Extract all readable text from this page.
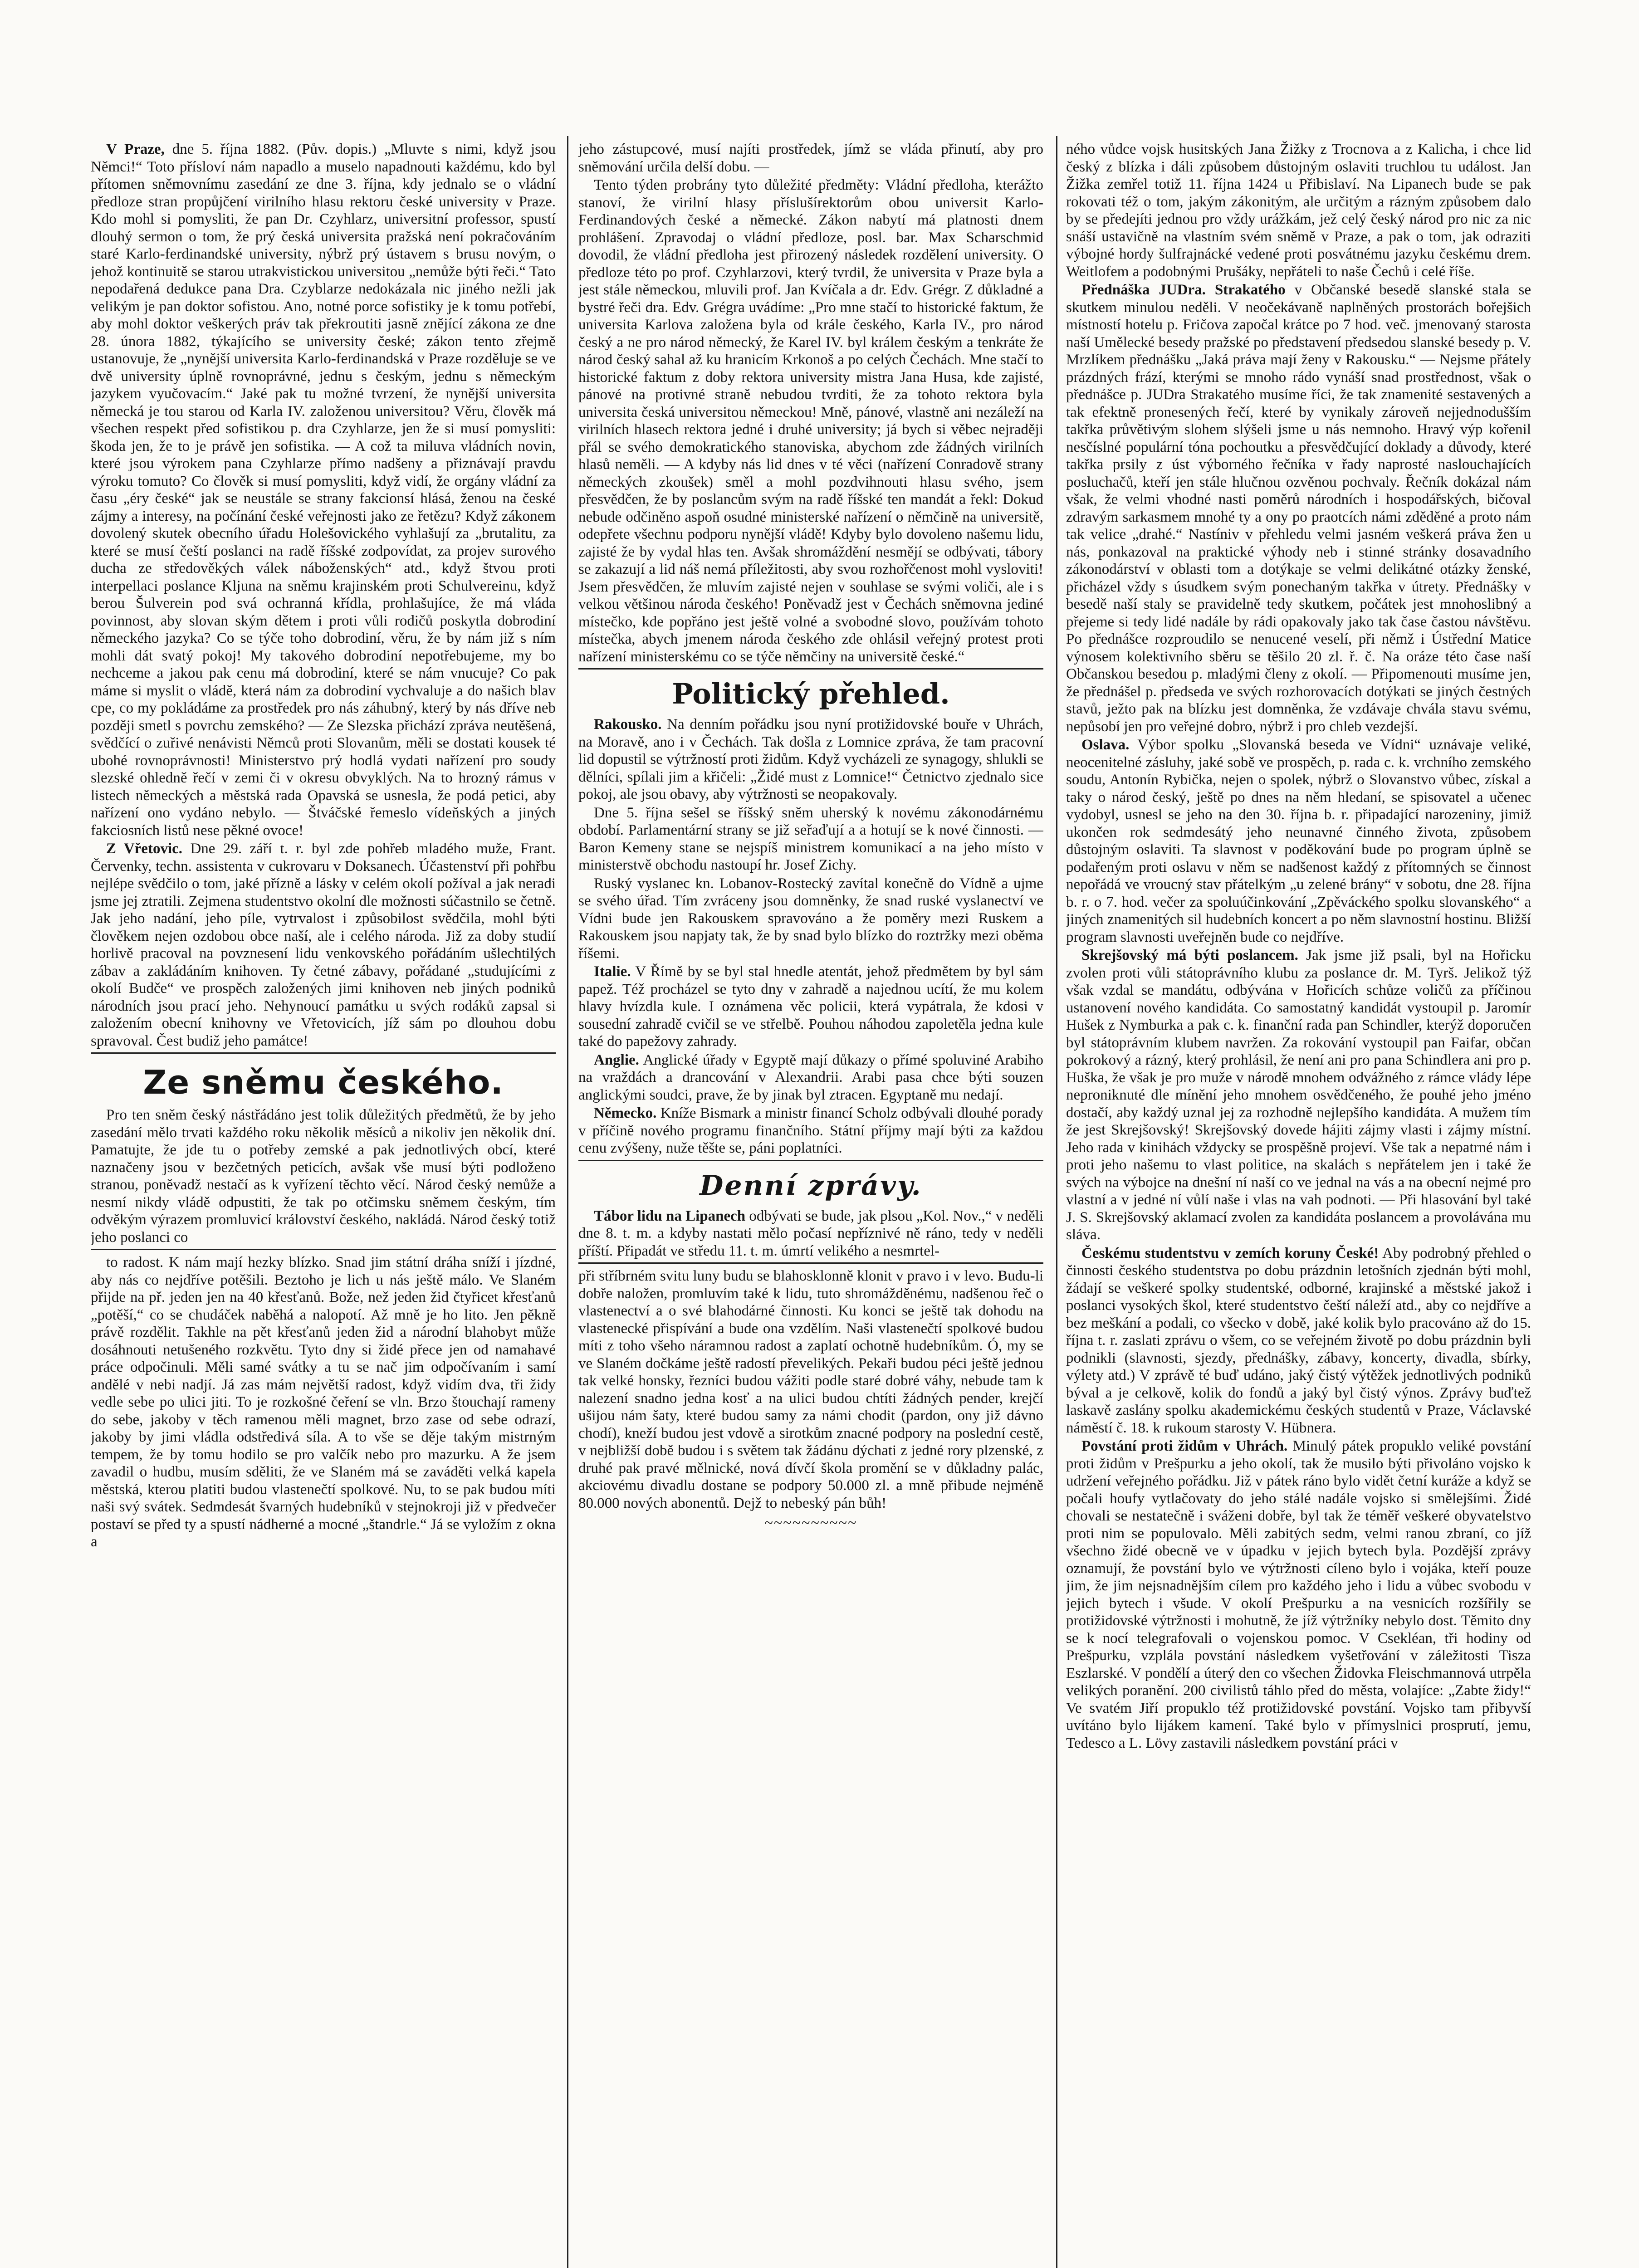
V Praze, dne 5. října 1882. (Pův. dopis.) „Mluvte s nimi, když jsou Němci!“ Toto přísloví nám napadlo a muselo napadnouti každému, kdo byl přítomen sněmovnímu zasedání ze dne 3. října, kdy jednalo se o vládní předloze stran propůjčení virilního hlasu rektoru české university v Praze. Kdo mohl si pomysliti, že pan Dr. Czyhlarz, universitní professor, spustí dlouhý sermon o tom, že prý česká universita pražská není pokračováním staré Karlo-ferdinandské university, nýbrž prý ústavem s brusu novým, o jehož kontinuitě se starou utrakvistickou universitou „nemůže býti řeči.“ Tato nepodařená dedukce pana Dra. Czyblarze nedokázala nic jiného nežli jak velikým je pan doktor sofistou. Ano, notné porce sofistiky je k tomu potřebí, aby mohl doktor veškerých práv tak překroutiti jasně znějící zákona ze dne 28. února 1882, týkajícího se university české; zákon tento zřejmě ustanovuje, že „nynější universita Karlo-ferdinandská v Praze rozděluje se ve dvě university úplně rovnoprávné, jednu s českým, jednu s německým jazykem vyučovacím.“ Jaké pak tu možné tvrzení, že nynější universita německá je tou starou od Karla IV. založenou universitou? Věru, člověk má všechen respekt před sofistikou p. dra Czyhlarze, jen že si musí pomysliti: škoda jen, že to je právě jen sofistika. — A což ta miluva vládních novin, které jsou výrokem pana Czyhlarze přímo nadšeny a přiznávají pravdu výroku tomuto? Co člověk si musí pomysliti, když vidí, že orgány vládní za času „éry české“ jak se neustále se strany fakcionsí hlásá, ženou na české zájmy a interesy, na počínání české veřejnosti jako ze řetězu? Když zákonem dovolený skutek obecního úřadu Holešovického vyhlašují za „brutalitu, za které se musí čeští poslanci na radě říšské zodpovídat, za projev surového ducha ze středověkých válek náboženských“ atd., když štvou proti interpellaci poslance Kljuna na sněmu krajinském proti Schulvereinu, když berou Šulverein pod svá ochranná křídla, prohlašujíce, že má vláda povinnost, aby slovan ským dětem i proti vůli rodičů poskytla dobrodiní německého jazyka? Co se týče toho dobrodiní, věru, že by nám již s ním mohli dát svatý pokoj! My takového dobrodiní nepotřebujeme, my bo nechceme a jakou pak cenu má dobrodiní, které se nám vnucuje? Co pak máme si myslit o vládě, která nám za dobrodiní vychvaluje a do našich blav cpe, co my pokládáme za prostředek pro nás záhubný, který by nás dříve neb později smetl s povrchu zemského? — Ze Slezska přichází zpráva neutěšená, svědčící o zuřivé nenávisti Němců proti Slovanům, měli se dostati kousek té ubohé rovnoprávnosti! Ministerstvo prý hodlá vydati nařízení pro soudy slezské ohledně řečí v zemi či v okresu obvyklých. Na to hrozný rámus v listech německých a městská rada Opavská se usnesla, že podá petici, aby nařízení ono vydáno nebylo. — Štváčské řemeslo vídeňských a jiných fakciosních listů nese pěkné ovoce!

Z Vřetovic. Dne 29. září t. r. byl zde pohřeb mladého muže, Frant. Červenky, techn. assistenta v cukrovaru v Doksanech. Účastenství při pohřbu nejlépe svědčilo o tom, jaké přízně a lásky v celém okolí požíval a jak neradi jsme jej ztratili. Zejmena studentstvo okolní dle možnosti súčastnilo se četně. Jak jeho nadání, jeho píle, vytrvalost i způsobilost svědčila, mohl býti člověkem nejen ozdobou obce naší, ale i celého národa. Již za doby studií horlivě pracoval na povznesení lidu venkovského pořádáním ušlechtilých zábav a zakládáním knihoven. Ty četné zábavy, pořádané „studujícími z okolí Budče“ ve prospěch založených jimi knihoven neb jiných podniků národních jsou prací jeho. Nehynoucí památku u svých rodáků zapsal si založením obecní knihovny ve Vřetovicích, jíž sám po dlouhou dobu spravoval. Čest budiž jeho památce!

Ze sněmu českého.

Pro ten sněm český nástřádáno jest tolik důležitých předmětů, že by jeho zasedání mělo trvati každého roku několik měsíců a nikoliv jen několik dní. Pamatujte, že jde tu o potřeby zemské a pak jednotlivých obcí, které naznačeny jsou v bezčetných peticích, avšak vše musí býti podloženo stranou, poněvadž nestačí as k vyřízení těchto věcí. Národ český nemůže a nesmí nikdy vládě odpustiti, že tak po otčimsku sněmem českým, tím odvěkým výrazem promluvicí království českého, nakládá. Národ český totiž jeho poslanci co

to radost. K nám mají hezky blízko. Snad jim státní dráha sníží i jízdné, aby nás co nejdříve potěšili. Beztoho je lich u nás ještě málo. Ve Slaném přijde na př. jeden jen na 40 křesťanů. Bože, než jeden žid čtyřicet křesťanů „potěší,“ co se chudáček naběhá a nalopotí. Až mně je ho lito. Jen pěkně právě rozdělit. Takhle na pět křesťanů jeden žid a národní blahobyt může dosáhnouti netušeného rozkvětu. Tyto dny si židé přece jen od namahavé práce odpočinuli. Měli samé svátky a tu se nač jim odpočívaním i samí andělé v nebi nadjí. Já zas mám největší radost, když vidím dva, tři židy vedle sebe po ulici jiti. To je rozkošné čeření se vln. Brzo štouchají rameny do sebe, jakoby v těch ramenou měli magnet, brzo zase od sebe odrazí, jakoby by jimi vládla odstředivá síla. A to vše se děje takým mistrným tempem, že by tomu hodilo se pro valčík nebo pro mazurku. A že jsem zavadil o hudbu, musím sděliti, že ve Slaném má se zaváděti velká kapela městská, kterou platiti budou vlastenečtí spolkové. Nu, to se pak budou míti naši svý svátek. Sedmdesát švarných hudebníků v stejnokroji již v předvečer postaví se před ty a spustí nádherné a mocné „štandrle.“ Já se vyložím z okna a

jeho zástupcové, musí najíti prostředek, jímž se vláda přinutí, aby pro sněmování určila delší dobu. —

Tento týden probrány tyto důležité předměty: Vládní předloha, kterážto stanoví, že virilní hlasy příslušírektorům obou universit Karlo-Ferdinandových české a německé. Zákon nabytí má platnosti dnem prohlášení. Zpravodaj o vládní předloze, posl. bar. Max Scharschmid dovodil, že vládní předloha jest přirozený následek rozdělení university. O předloze této po prof. Czyhlarzovi, který tvrdil, že universita v Praze byla a jest stále německou, mluvili prof. Jan Kvíčala a dr. Edv. Grégr. Z důkladné a bystré řeči dra. Edv. Grégra uvádíme: „Pro mne stačí to historické faktum, že universita Karlova založena byla od krále českého, Karla IV., pro národ český a ne pro národ německý, že Karel IV. byl králem českým a tenkráte že národ český sahal až ku hranicím Krkonoš a po celých Čechách. Mne stačí to historické faktum z doby rektora university mistra Jana Husa, kde zajisté, pánové na protivné straně nebudou tvrditi, že za tohoto rektora byla universita česká universitou německou! Mně, pánové, vlastně ani nezáleží na virilních hlasech rektora jedné i druhé university; já bych si věbec nejraději přál se svého demokratického stanoviska, abychom zde žádných virilních hlasů neměli. — A kdyby nás lid dnes v té věci (nařízení Conradově strany německých zkoušek) směl a mohl pozdvihnouti hlasu svého, jsem přesvědčen, že by poslancům svým na radě říšské ten mandát a řekl: Dokud nebude odčiněno aspoň osudné ministerské nařízení o němčině na universitě, odepřete všechnu podporu nynější vládě! Kdyby bylo dovoleno našemu lidu, zajisté že by vydal hlas ten. Avšak shromáždění nesmějí se odbývati, tábory se zakazují a lid náš nemá příležitosti, aby svou rozhořčenost mohl vysloviti! Jsem přesvědčen, že mluvím zajisté nejen v souhlase se svými voliči, ale i s velkou většinou národa českého! Poněvadž jest v Čechách sněmovna jediné místečko, kde popřáno jest ještě volné a svobodné slovo, používám tohoto místečka, abych jmenem národa českého zde ohlásil veřejný protest proti nařízení ministerskému co se týče němčiny na universitě české.“

Politický přehled.

Rakousko. Na denním pořádku jsou nyní protižidovské bouře v Uhrách, na Moravě, ano i v Čechách. Tak došla z Lomnice zpráva, že tam pracovní lid dopustil se výtržností proti židům. Když vycházeli ze synagogy, shlukli se dělníci, spílali jim a křičeli: „Židé must z Lomnice!“ Četnictvo zjednalo sice pokoj, ale jsou obavy, aby výtržnosti se neopakovaly.

Dne 5. října sešel se říšský sněm uherský k novému zákonodárnému období. Parlamentární strany se již seřaďují a a hotují se k nové činnosti. — Baron Kemeny stane se nejspíš ministrem komunikací a na jeho místo v ministerstvě obchodu nastoupí hr. Josef Zichy.

Ruský vyslanec kn. Lobanov-Rostecký zavítal konečně do Vídně a ujme se svého úřad. Tím zvráceny jsou domněnky, že snad ruské vyslanectví ve Vídni bude jen Rakouskem spravováno a že poměry mezi Ruskem a Rakouskem jsou napjaty tak, že by snad bylo blízko do roztržky mezi oběma říšemi.

Italie. V Římě by se byl stal hnedle atentát, jehož předmětem by byl sám papež. Též procházel se tyto dny v zahradě a najednou ucítí, že mu kolem hlavy hvízdla kule. I oznámena věc policii, která vypátrala, že kdosi v sousední zahradě cvičil se ve střelbě. Pouhou náhodou zapoletěla jedna kule také do papežovy zahrady.

Anglie. Anglické úřady v Egyptě mají důkazy o přímé spoluviné Arabiho na vraždách a drancování v Alexandrii. Arabi pasa chce býti souzen anglickými soudci, prave, že by jinak byl ztracen. Egyptaně mu nedají.

Německo. Kníže Bismark a ministr financí Scholz odbývali dlouhé porady v příčině nového programu finančního. Státní příjmy mají býti za každou cenu zvýšeny, nuže těšte se, páni poplatníci.

Denní zprávy.

Tábor lidu na Lipanech odbývati se bude, jak plsou „Kol. Nov.,“ v neděli dne 8. t. m. a kdyby nastati mělo počasí nepříznivé ně ráno, tedy v neděli příští. Připadát ve středu 11. t. m. úmrtí velikého a nesmrtel-

při stříbrném svitu luny budu se blahosklonně klonit v pravo i v levo. Budu-li dobře naložen, promluvím také k lidu, tuto shromážděnému, nadšenou řeč o vlastenectví a o své blahodárné činnosti. Ku konci se ještě tak dohodu na vlastenecké přispívání a bude ona vzdělím. Naši vlastenečtí spolkové budou míti z toho všeho náramnou radost a zaplatí ochotně hudebníkům. Ó, my se ve Slaném dočkáme ještě radostí převelikých. Pekaři budou péci ještě jednou tak velké honsky, řezníci budou vážiti podle staré dobré váhy, nebude tam k nalezení snadno jedna kosť a na ulici budou chtíti žádných pender, krejčí ušijou nám šaty, které budou samy za námi chodit (pardon, ony již dávno chodí), kneží budou jest vdově a sirotkům znacné podpory na poslední cestě, v nejbližší době budou i s světem tak žádánu dýchati z jedné rory plzenské, z druhé pak pravé mělnické, nová dívčí škola promění se v důkladny palác, akciovému divadlu dostane se podpory 50.000 zl. a mně přibude nejméně 80.000 nových abonentů. Dejž to nebeský pán bůh!

~~~~~~~~~~

ného vůdce vojsk husitských Jana Žižky z Trocnova a z Kalicha, i chce lid český z blízka i dáli způsobem důstojným oslaviti truchlou tu událost. Jan Žižka zemřel totiž 11. října 1424 u Přibislaví. Na Lipanech bude se pak rokovati též o tom, jakým zákonitým, ale určitým a rázným způsobem dalo by se předejíti jednou pro vždy urážkám, jež celý český národ pro nic za nic snáší ustavičně na vlastním svém sněmě v Praze, a pak o tom, jak odraziti výbojné hordy šulfrajnácké vedené proti posvátnému jazyku českému drem. Weitlofem a podobnými Prušáky, nepřáteli to naše Čechů i celé říše.

Přednáška JUDra. Strakatého v Občanské besedě slanské stala se skutkem minulou neděli. V neočekávaně naplněných prostorách bořejšich místností hotelu p. Fričova započal krátce po 7 hod. več. jmenovaný starosta naší Umělecké besedy pražské po představení předsedou slanské besedy p. V. Mrzlíkem přednášku „Jaká práva mají ženy v Rakousku.“ — Nejsme přátely prázdných frází, kterými se mnoho rádo vynáší snad prostřednost, však o přednášce p. JUDra Strakatého musíme říci, že tak znamenité sestavených a tak efektně pronesených řečí, které by vynikaly zároveň nejjednodušším takřka průvětivým slohem slýšeli jsme u nás nemnoho. Hravý výp kořenil nesčíslné populární tóna pochoutku a přesvědčující doklady a důvody, které takřka prsily z úst výborného řečníka v řady naprosté naslouchajících posluchačů, kteří jen stále hlučnou ozvěnou pochvaly. Řečník dokázal nám však, že velmi vhodné nasti poměrů národních i hospodářských, bičoval zdravým sarkasmem mnohé ty a ony po praotcích námi zděděné a proto nám tak velice „drahé.“ Nastíniv v přehledu velmi jasném veškerá práva žen u nás, ponkazoval na praktické výhody neb i stinné stránky dosavadního zákonodárství v oblasti tom a dotýkaje se velmi delikátné otázky ženské, přicházel vždy s úsudkem svým ponechaným takřka v útrety. Přednášky v besedě naší staly se pravidelně tedy skutkem, počátek jest mnohoslibný a přejeme si tedy lidé nadále by rádi opakovaly jako tak čase častou návštěvu. Po přednášce rozproudilo se nenucené veselí, při němž i Ústřední Matice výnosem kolektivního sběru se těšilo 20 zl. ř. č. Na oráze této čase naší Občanskou besedou p. mladými členy z okolí. — Připomenouti musíme jen, že přednášel p. předseda ve svých rozhorovacích dotýkati se jiných čestných stavů, ježto pak na blízku jest domněnka, že vzdávaje chvála stavu svému, nepůsobí jen pro veřejné dobro, nýbrž i pro chleb vezdejší.

Oslava. Výbor spolku „Slovanská beseda ve Vídni“ uznávaje veliké, neocenitelné zásluhy, jaké sobě ve prospěch, p. rada c. k. vrchního zemského soudu, Antonín Rybička, nejen o spolek, nýbrž o Slovanstvo vůbec, získal a taky o národ český, ještě po dnes na něm hledaní, se spisovatel a učenec vydobyl, usnesl se jeho na den 30. října b. r. připadající narozeniny, jimiž ukončen rok sedmdesátý jeho neunavné činného života, způsobem důstojným oslaviti. Ta slavnost v poděkování bude po program úplně se podařeným proti oslavu v něm se nadšenost každý z přítomných se činnost nepořádá ve vroucný stav přátelkým „u zelené brány“ v sobotu, dne 28. října b. r. o 7. hod. večer za spoluúčinkování „Zpěváckého spolku slovanského“ a jiných znamenitých sil hudebních koncert a po něm slavnostní hostinu. Bližší program slavnosti uveřejněn bude co nejdříve.

Skrejšovský má býti poslancem. Jak jsme již psali, byl na Hořicku zvolen proti vůli státoprávního klubu za poslance dr. M. Tyrš. Jelikož týž však vzdal se mandátu, odbývána v Hořicích schůze voličů za příčinou ustanovení nového kandidáta. Co samostatný kandidát vystoupil p. Jaromír Hušek z Nymburka a pak c. k. finanční rada pan Schindler, kterýž doporučen byl státoprávním klubem navržen. Za rokování vystoupil pan Faifar, občan pokrokový a rázný, který prohlásil, že není ani pro pana Schindlera ani pro p. Huška, že však je pro muže v národě mnohem odvážného z rámce vlády lépe neproniknuté dle mínění jeho mnohem osvědčeného, že pouhé jeho jméno dostačí, aby každý uznal jej za rozhodně nejlepšího kandidáta. A mužem tím že jest Skrejšovský! Skrejšovský dovede hájiti zájmy vlasti i zájmy místní. Jeho rada v kinihách vždycky se prospěšně projeví. Vše tak a nepatrné nám i proti jeho našemu to vlast politice, na skalách s nepřátelem jen i také že svých na výbojce na dnešní ní naší co ve jednal na vás a na obecní nejmé pro vlastní a v jedné ní vůlí naše i vlas na vah podnoti. — Při hlasování byl také J. S. Skrejšovský aklamací zvolen za kandidáta poslancem a provolávána mu sláva.

Českému studentstvu v zemích koruny České! Aby podrobný přehled o činnosti českého studentstva po dobu prázdnin letošních zjednán býti mohl, žádají se veškeré spolky studentské, odborné, krajinské a městské jakož i poslanci vysokých škol, které studentstvo čeští náleží atd., aby co nejdříve a bez meškání a podali, co všecko v době, jaké kolik bylo pracováno až do 15. října t. r. zaslati zprávu o všem, co se veřejném životě po dobu prázdnin byli podnikli (slavnosti, sjezdy, přednášky, zábavy, koncerty, divadla, sbírky, výlety atd.) V zprávě té buď udáno, jaký čistý výtěžek jednotlivých podniků býval a je celkově, kolik do fondů a jaký byl čistý výnos. Zprávy buďtež laskavě zaslány spolku akademickému českých studentů v Praze, Václavské náměstí č. 18. k rukoum starosty V. Hübnera.

Povstání proti židům v Uhrách. Minulý pátek propuklo veliké povstání proti židům v Prešpurku a jeho okolí, tak že musilo býti přivoláno vojsko k udržení veřejného pořádku. Již v pátek ráno bylo vidět četní kuráže a když se počali houfy vytlačovaty do jeho stálé nadále vojsko si smělejšími. Židé chovali se nestatečně i sváženi dobře, byl tak že téměř veškeré obyvatelstvo proti nim se populovalo. Měli zabitých sedm, velmi ranou zbraní, co jíž všechno židé obecně ve v úpadku v jejich bytech byla. Pozdější zprávy oznamují, že povstání bylo ve výtržnosti cíleno bylo i vojáka, kteří pouze jim, že jim nejsnadnějším cílem pro každého jeho i lidu a vůbec svobodu v jejich bytech i všude. V okolí Prešpurku a na vesnicích rozšířily se protižidovské výtržnosti i mohutně, že jíž výtržníky nebylo dost. Těmito dny se k nocí telegrafovali o vojenskou pomoc. V Csekléan, tři hodiny od Prešpurku, vzplála povstání následkem vyšetřování v záležitosti Tisza Eszlarské. V pondělí a úterý den co všechen Židovka Fleischmannová utrpěla velikých poranění. 200 civilistů táhlo před do města, volajíce: „Zabte židy!“ Ve svatém Jiří propuklo též protižidovské povstání. Vojsko tam přibyvší uvítáno bylo lijákem kamení. Také bylo v přímyslnici prosprutí, jemu, Tedesco a L. Lövy zastavili následkem povstání práci v
